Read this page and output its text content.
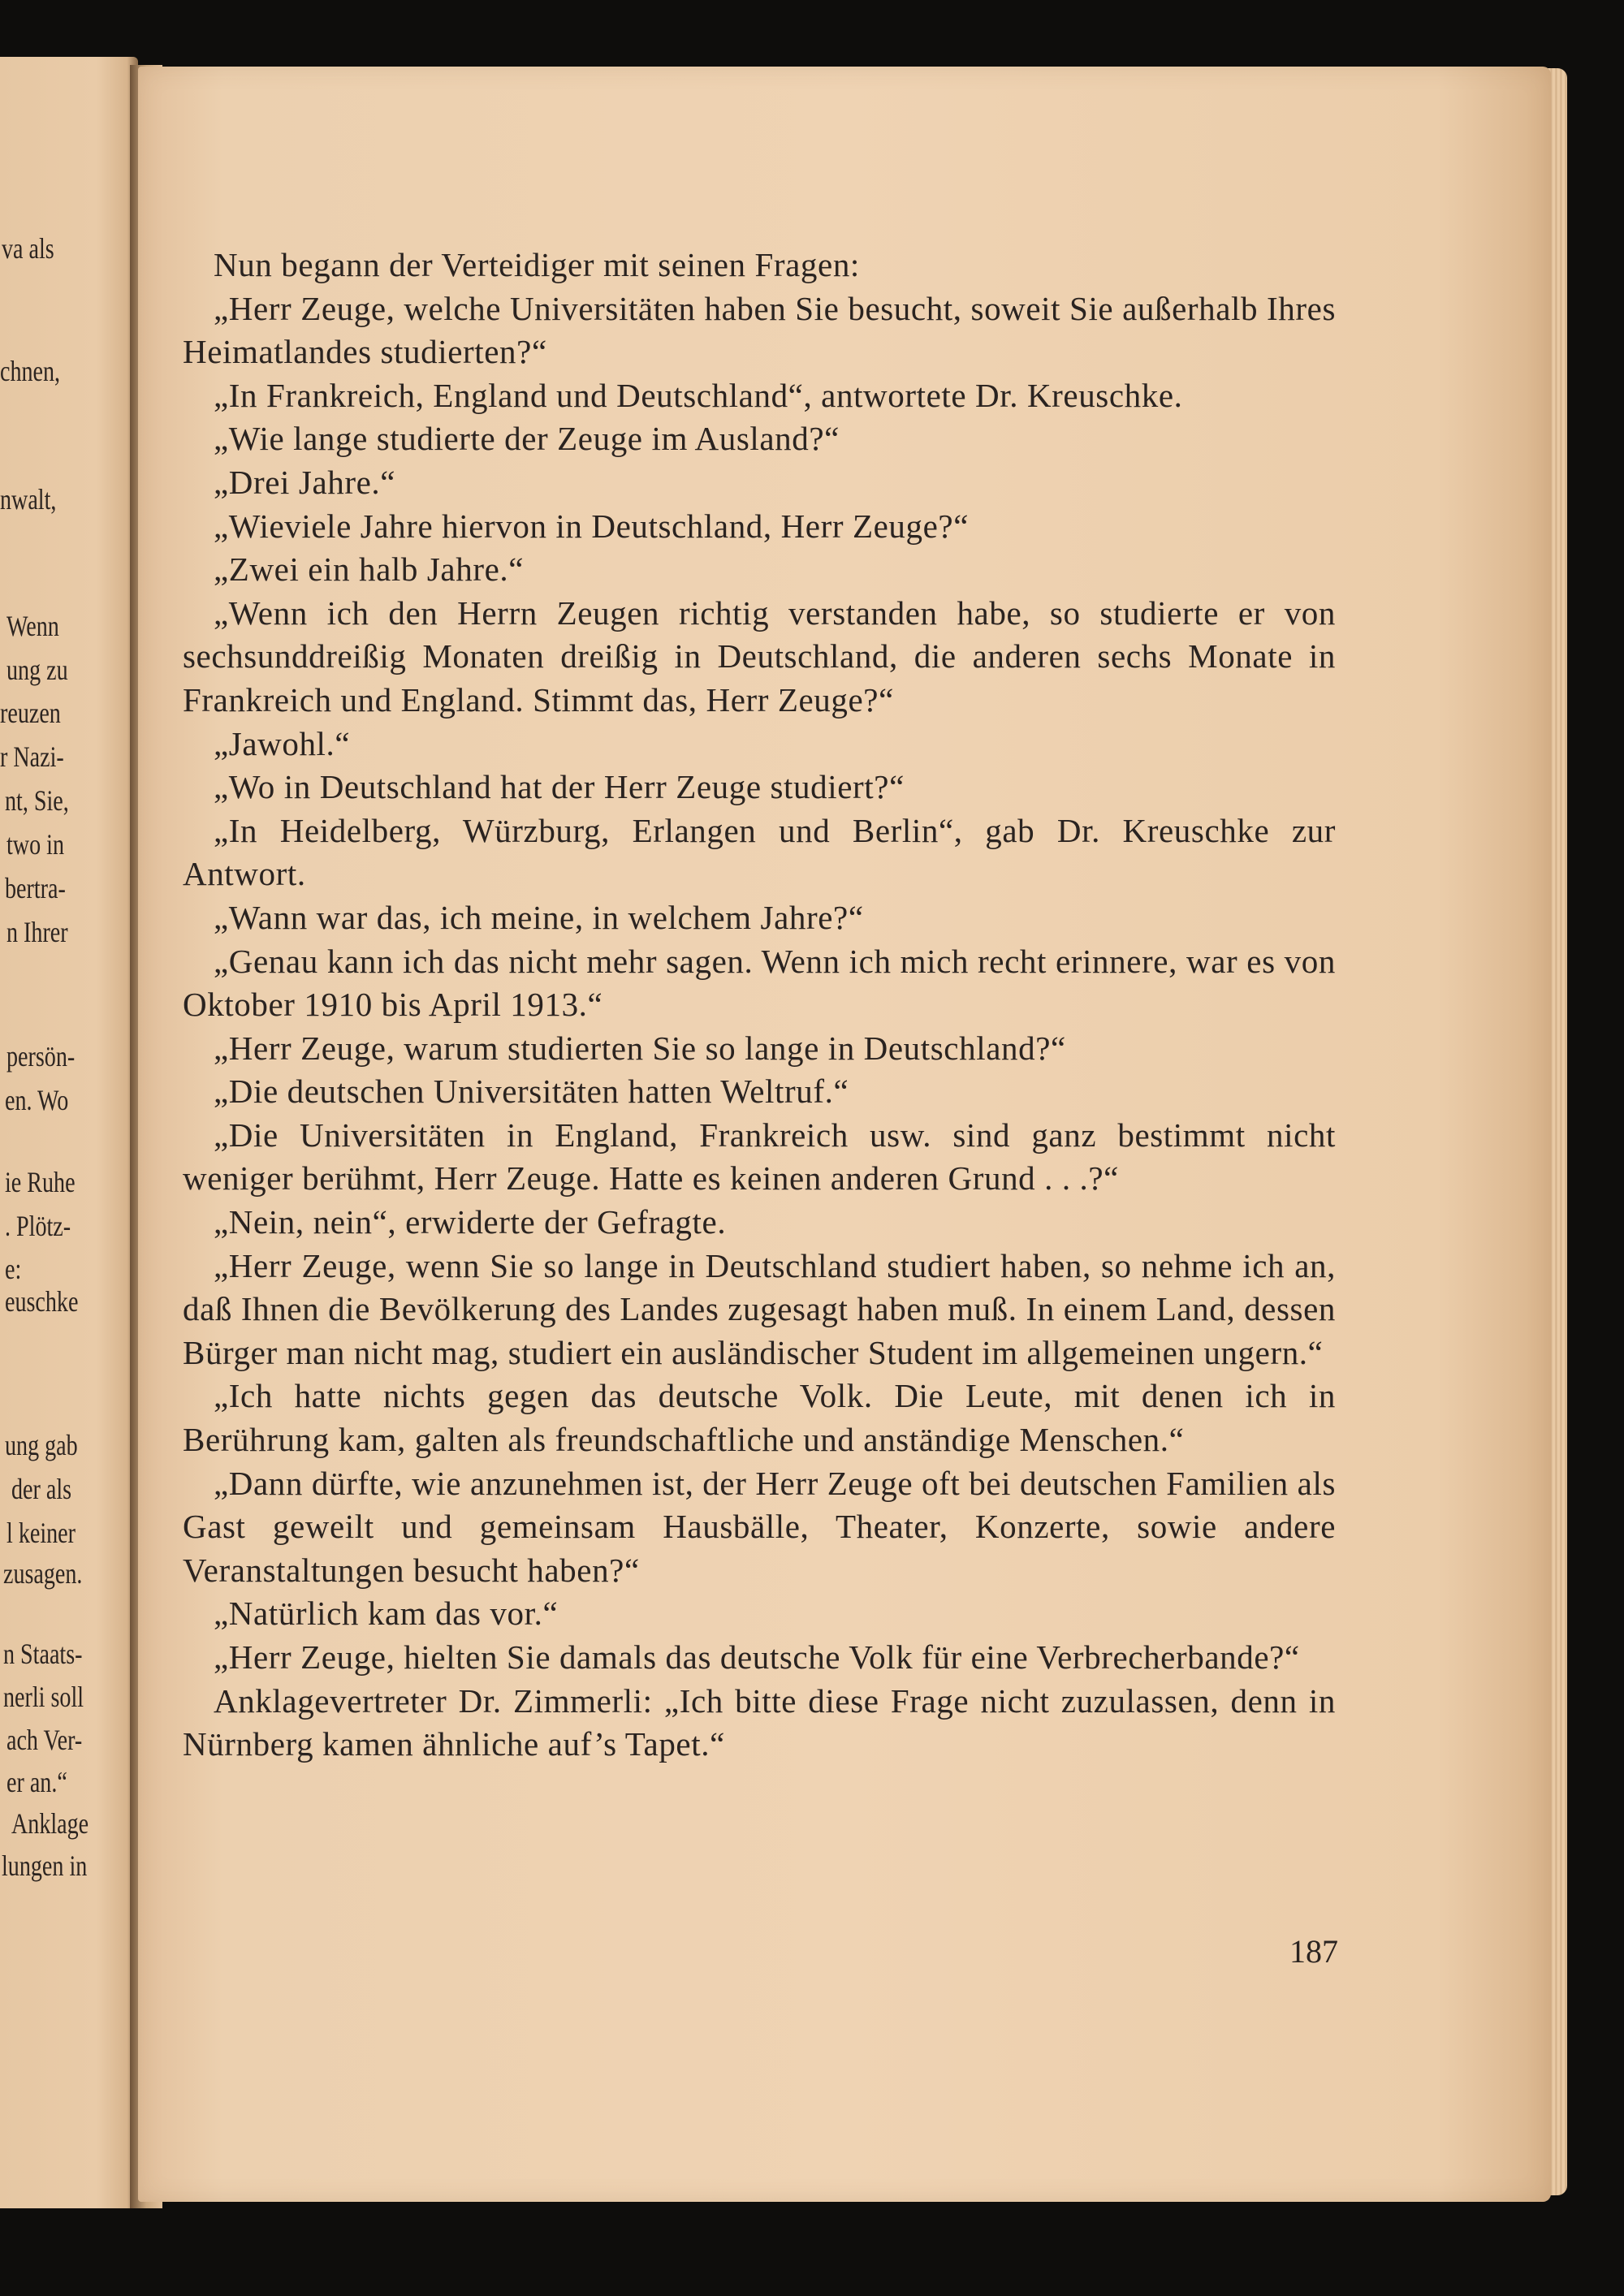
va als
chnen,
nwalt,
Wenn
ung zu
reuzen
r Nazi-
nt, Sie,
two in
bertra-
n Ihrer
persön-
en. Wo
ie Ruhe
. Plötz-
e:
euschke
ung gab
der als
l keiner
zusagen.
n Staats-
nerli soll
ach Ver-
er an.“
Anklage
lungen in

Nun begann der Verteidiger mit seinen Fragen:

„Herr Zeuge, welche Universitäten haben Sie besucht, soweit Sie außerhalb Ihres Heimatlandes studierten?“

„In Frankreich, England und Deutschland“, antwortete Dr. Kreuschke.

„Wie lange studierte der Zeuge im Ausland?“

„Drei Jahre.“

„Wieviele Jahre hiervon in Deutschland, Herr Zeuge?“

„Zwei ein halb Jahre.“

„Wenn ich den Herrn Zeugen richtig verstanden habe, so studierte er von sechsunddreißig Monaten dreißig in Deutschland, die anderen sechs Monate in Frankreich und England. Stimmt das, Herr Zeuge?“

„Jawohl.“

„Wo in Deutschland hat der Herr Zeuge studiert?“

„In Heidelberg, Würzburg, Erlangen und Berlin“, gab Dr. Kreuschke zur Antwort.

„Wann war das, ich meine, in welchem Jahre?“

„Genau kann ich das nicht mehr sagen. Wenn ich mich recht erinnere, war es von Oktober 1910 bis April 1913.“

„Herr Zeuge, warum studierten Sie so lange in Deutschland?“

„Die deutschen Universitäten hatten Weltruf.“

„Die Universitäten in England, Frankreich usw. sind ganz bestimmt nicht weniger berühmt, Herr Zeuge. Hatte es keinen anderen Grund . . .?“

„Nein, nein“, erwiderte der Gefragte.

„Herr Zeuge, wenn Sie so lange in Deutschland studiert haben, so nehme ich an, daß Ihnen die Bevölkerung des Landes zugesagt haben muß. In einem Land, dessen Bürger man nicht mag, studiert ein ausländischer Student im allgemeinen ungern.“

„Ich hatte nichts gegen das deutsche Volk. Die Leute, mit denen ich in Berührung kam, galten als freundschaftliche und anständige Menschen.“

„Dann dürfte, wie anzunehmen ist, der Herr Zeuge oft bei deutschen Familien als Gast geweilt und gemeinsam Hausbälle, Theater, Konzerte, sowie andere Veranstaltungen besucht haben?“

„Natürlich kam das vor.“

„Herr Zeuge, hielten Sie damals das deutsche Volk für eine Verbrecherbande?“

Anklagevertreter Dr. Zimmerli: „Ich bitte diese Frage nicht zuzulassen, denn in Nürnberg kamen ähnliche auf’s Tapet.“

187
